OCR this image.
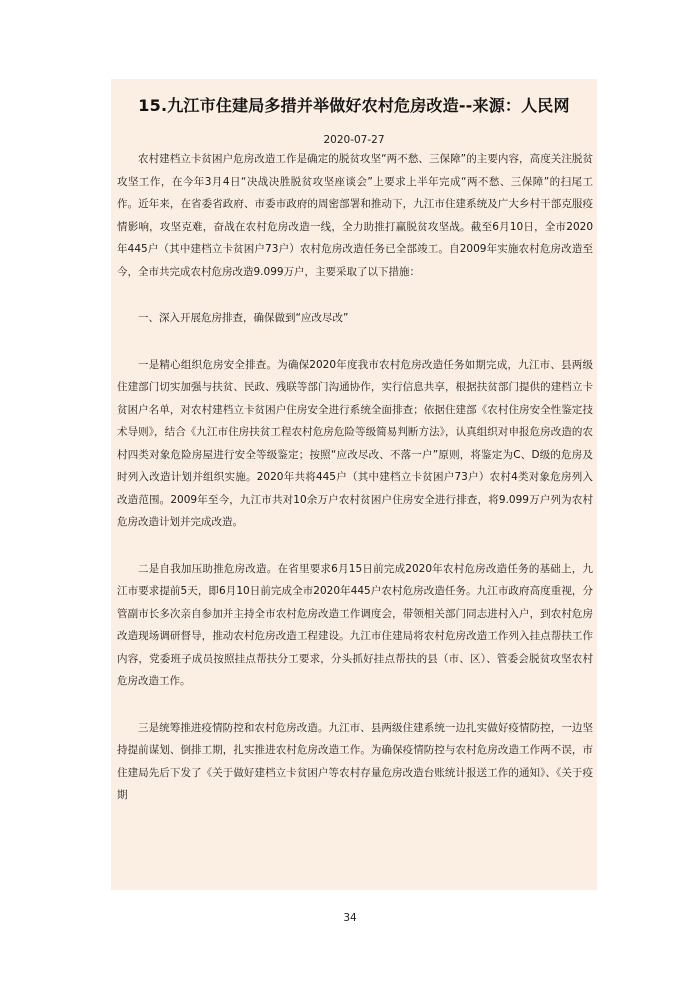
15.九江市住建局多措并举做好农村危房改造--来源：人民网
2020-07-27

农村建档立卡贫困户危房改造工作是确定的脱贫攻坚“两不愁、三保障”的主要内容，高度关注脱贫攻坚工作，在今年3月4日“决战决胜脱贫攻坚座谈会”上要求上半年完成“两不愁、三保障”的扫尾工作。近年来，在省委省政府、市委市政府的周密部署和推动下，九江市住建系统及广大乡村干部克服疫情影响，攻坚克难，奋战在农村危房改造一线，全力助推打赢脱贫攻坚战。截至6月10日，全市2020年445户（其中建档立卡贫困户73户）农村危房改造任务已全部竣工。自2009年实施农村危房改造至今，全市共完成农村危房改造9.099万户，主要采取了以下措施：

一、深入开展危房排查，确保做到“应改尽改”

一是精心组织危房安全排查。为确保2020年度我市农村危房改造任务如期完成，九江市、县两级住建部门切实加强与扶贫、民政、残联等部门沟通协作，实行信息共享，根据扶贫部门提供的建档立卡贫困户名单，对农村建档立卡贫困户住房安全进行系统全面排查；依据住建部《农村住房安全性鉴定技术导则》，结合《九江市住房扶贫工程农村危房危险等级简易判断方法》，认真组织对申报危房改造的农村四类对象危险房屋进行安全等级鉴定；按照“应改尽改、不落一户”原则，将鉴定为C、D级的危房及时列入改造计划并组织实施。2020年共将445户（其中建档立卡贫困户73户）农村4类对象危房列入改造范围。2009年至今，九江市共对10余万户农村贫困户住房安全进行排查，将9.099万户列为农村危房改造计划并完成改造。

二是自我加压助推危房改造。在省里要求6月15日前完成2020年农村危房改造任务的基础上，九江市要求提前5天，即6月10日前完成全市2020年445户农村危房改造任务。九江市政府高度重视，分管副市长多次亲自参加并主持全市农村危房改造工作调度会，带领相关部门同志进村入户，到农村危房改造现场调研督导，推动农村危房改造工程建设。九江市住建局将农村危房改造工作列入挂点帮扶工作内容，党委班子成员按照挂点帮扶分工要求，分头抓好挂点帮扶的县（市、区）、管委会脱贫攻坚农村危房改造工作。

三是统筹推进疫情防控和农村危房改造。九江市、县两级住建系统一边扎实做好疫情防控，一边坚持提前谋划、倒排工期，扎实推进农村危房改造工作。为确保疫情防控与农村危房改造工作两不误，市住建局先后下发了《关于做好建档立卡贫困户等农村存量危房改造台账统计报送工作的通知》、《关于疫期

34
